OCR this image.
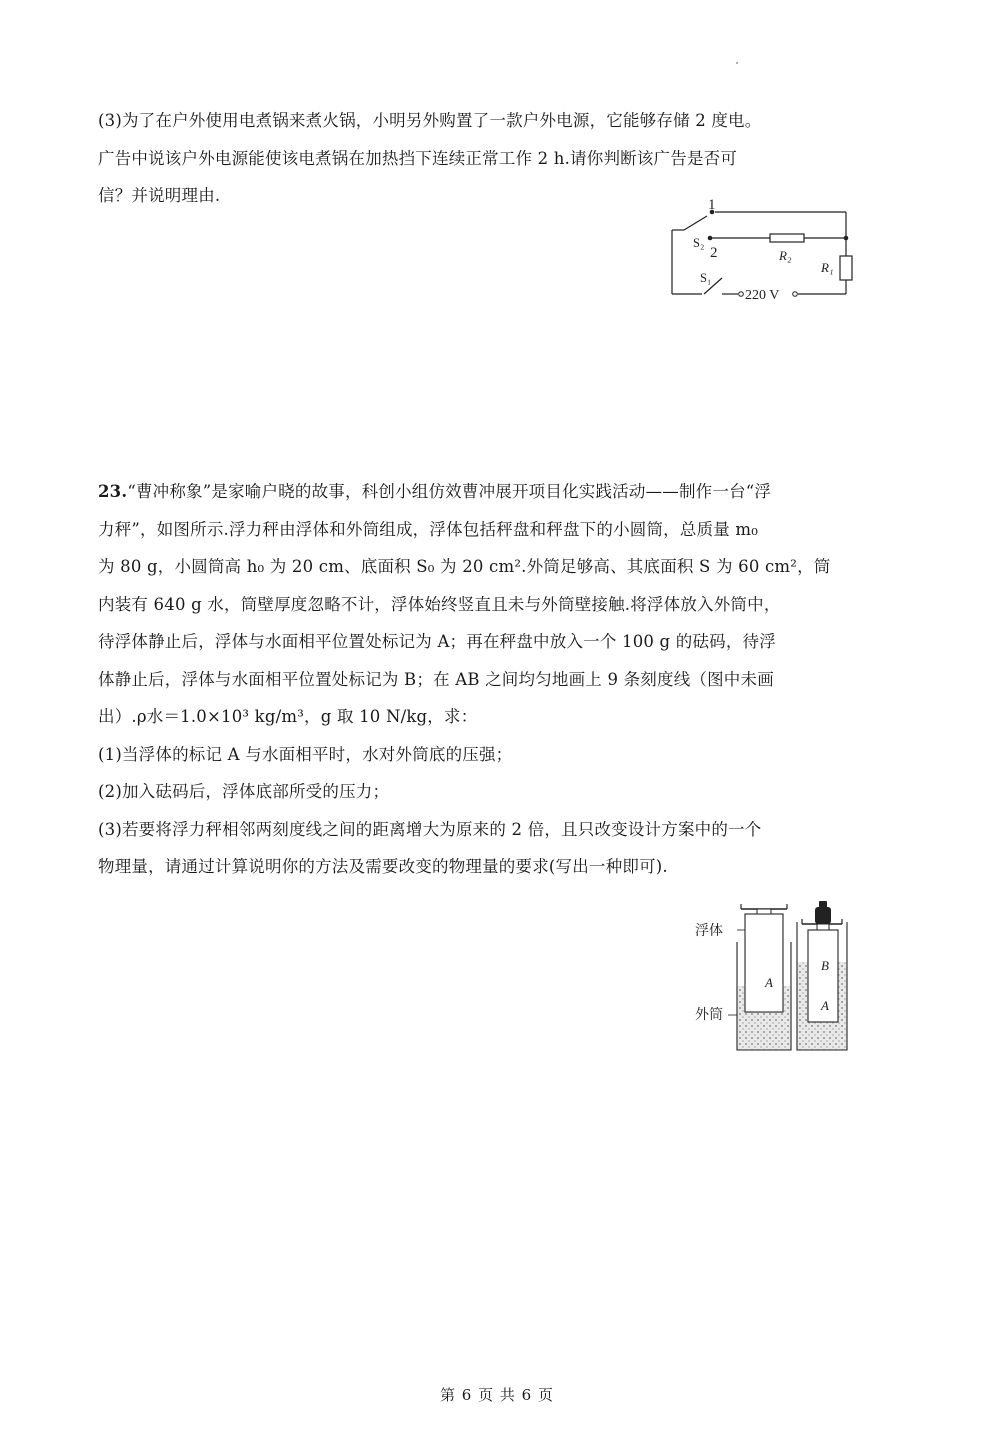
(3)为了在户外使用电煮锅来煮火锅，小明另外购置了一款户外电源，它能够存储 2 度电。
广告中说该户外电源能使该电煮锅在加热挡下连续正常工作 2 h.请你判断该广告是否可
信？并说明理由.	1
2
S₂
S₁
R₂
R₁
220 V
23.“曹冲称象”是家喻户晓的故事，科创小组仿效曹冲展开项目化实践活动——制作一台“浮
力秤”，如图所示.浮力秤由浮体和外筒组成，浮体包括秤盘和秤盘下的小圆筒，总质量 m₀
为 80 g，小圆筒高 h₀ 为 20 cm、底面积 S₀ 为 20 cm².外筒足够高、其底面积 S 为 60 cm²，筒
内装有 640 g 水，筒壁厚度忽略不计，浮体始终竖直且未与外筒壁接触.将浮体放入外筒中，
待浮体静止后，浮体与水面相平位置处标记为 A；再在秤盘中放入一个 100 g 的砝码，待浮
体静止后，浮体与水面相平位置处标记为 B；在 AB 之间均匀地画上 9 条刻度线（图中未画
出）.ρ水＝1.0×10³ kg/m³，g 取 10 N/kg，求：
(1)当浮体的标记 A 与水面相平时，水对外筒底的压强；
(2)加入砝码后，浮体底部所受的压力；
(3)若要将浮力秤相邻两刻度线之间的距离增大为原来的 2 倍，且只改变设计方案中的一个
物理量，请通过计算说明你的方法及需要改变的物理量的要求(写出一种即可).
浮体
外筒
A
B
A
第 6 页 共 6 页
